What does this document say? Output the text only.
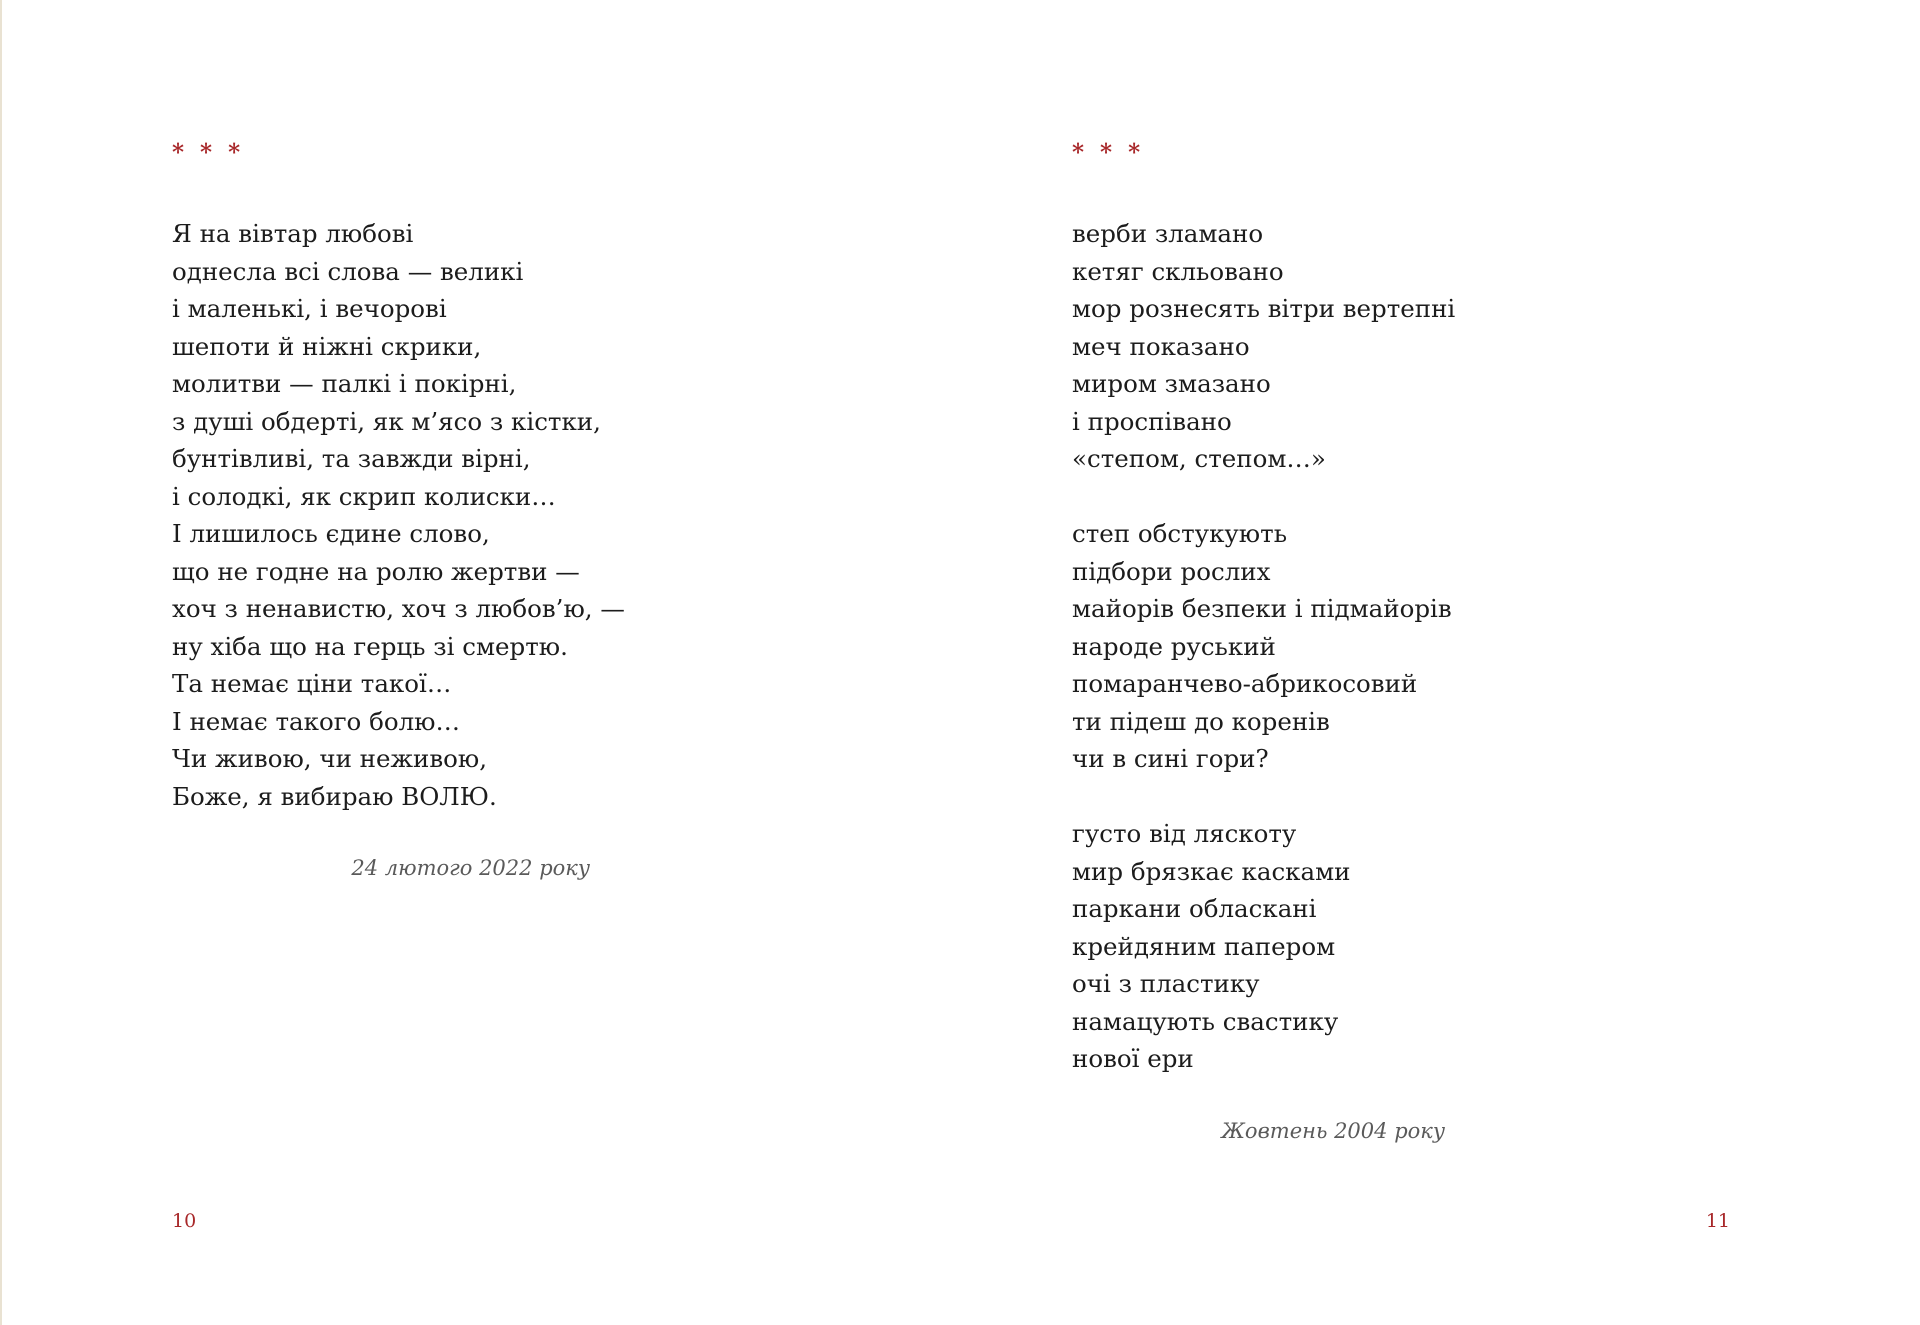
* * *
Я на вівтар любові
однесла всі слова — великі
і маленькі, і вечорові
шепоти й ніжні скрики,
молитви — палкі і покірні,
з душі обдерті, як м’ясо з кістки,
бунтівливі, та завжди вірні,
і солодкі, як скрип колиски…
І лишилось єдине слово,
що не годне на ролю жертви —
хоч з ненавистю, хоч з любов’ю, —
ну хіба що на герць зі смертю.
Та немає ціни такої…
І немає такого болю…
Чи живою, чи неживою,
Боже, я вибираю ВОЛЮ.
24 лютого 2022 року
10
* * *
верби зламано
кетяг скльовано
мор рознесять вітри вертепні
меч показано
миром змазано
і проспівано
«степом, степом…»
степ обстукують
підбори рослих
майорів безпеки і підмайорів
народе руський
помаранчево-абрикосовий
ти підеш до коренів
чи в сині гори?
густо від ляскоту
мир брязкає касками
паркани обласкані
крейдяним папером
очі з пластику
намацують свастику
нової ери
Жовтень 2004 року
11
